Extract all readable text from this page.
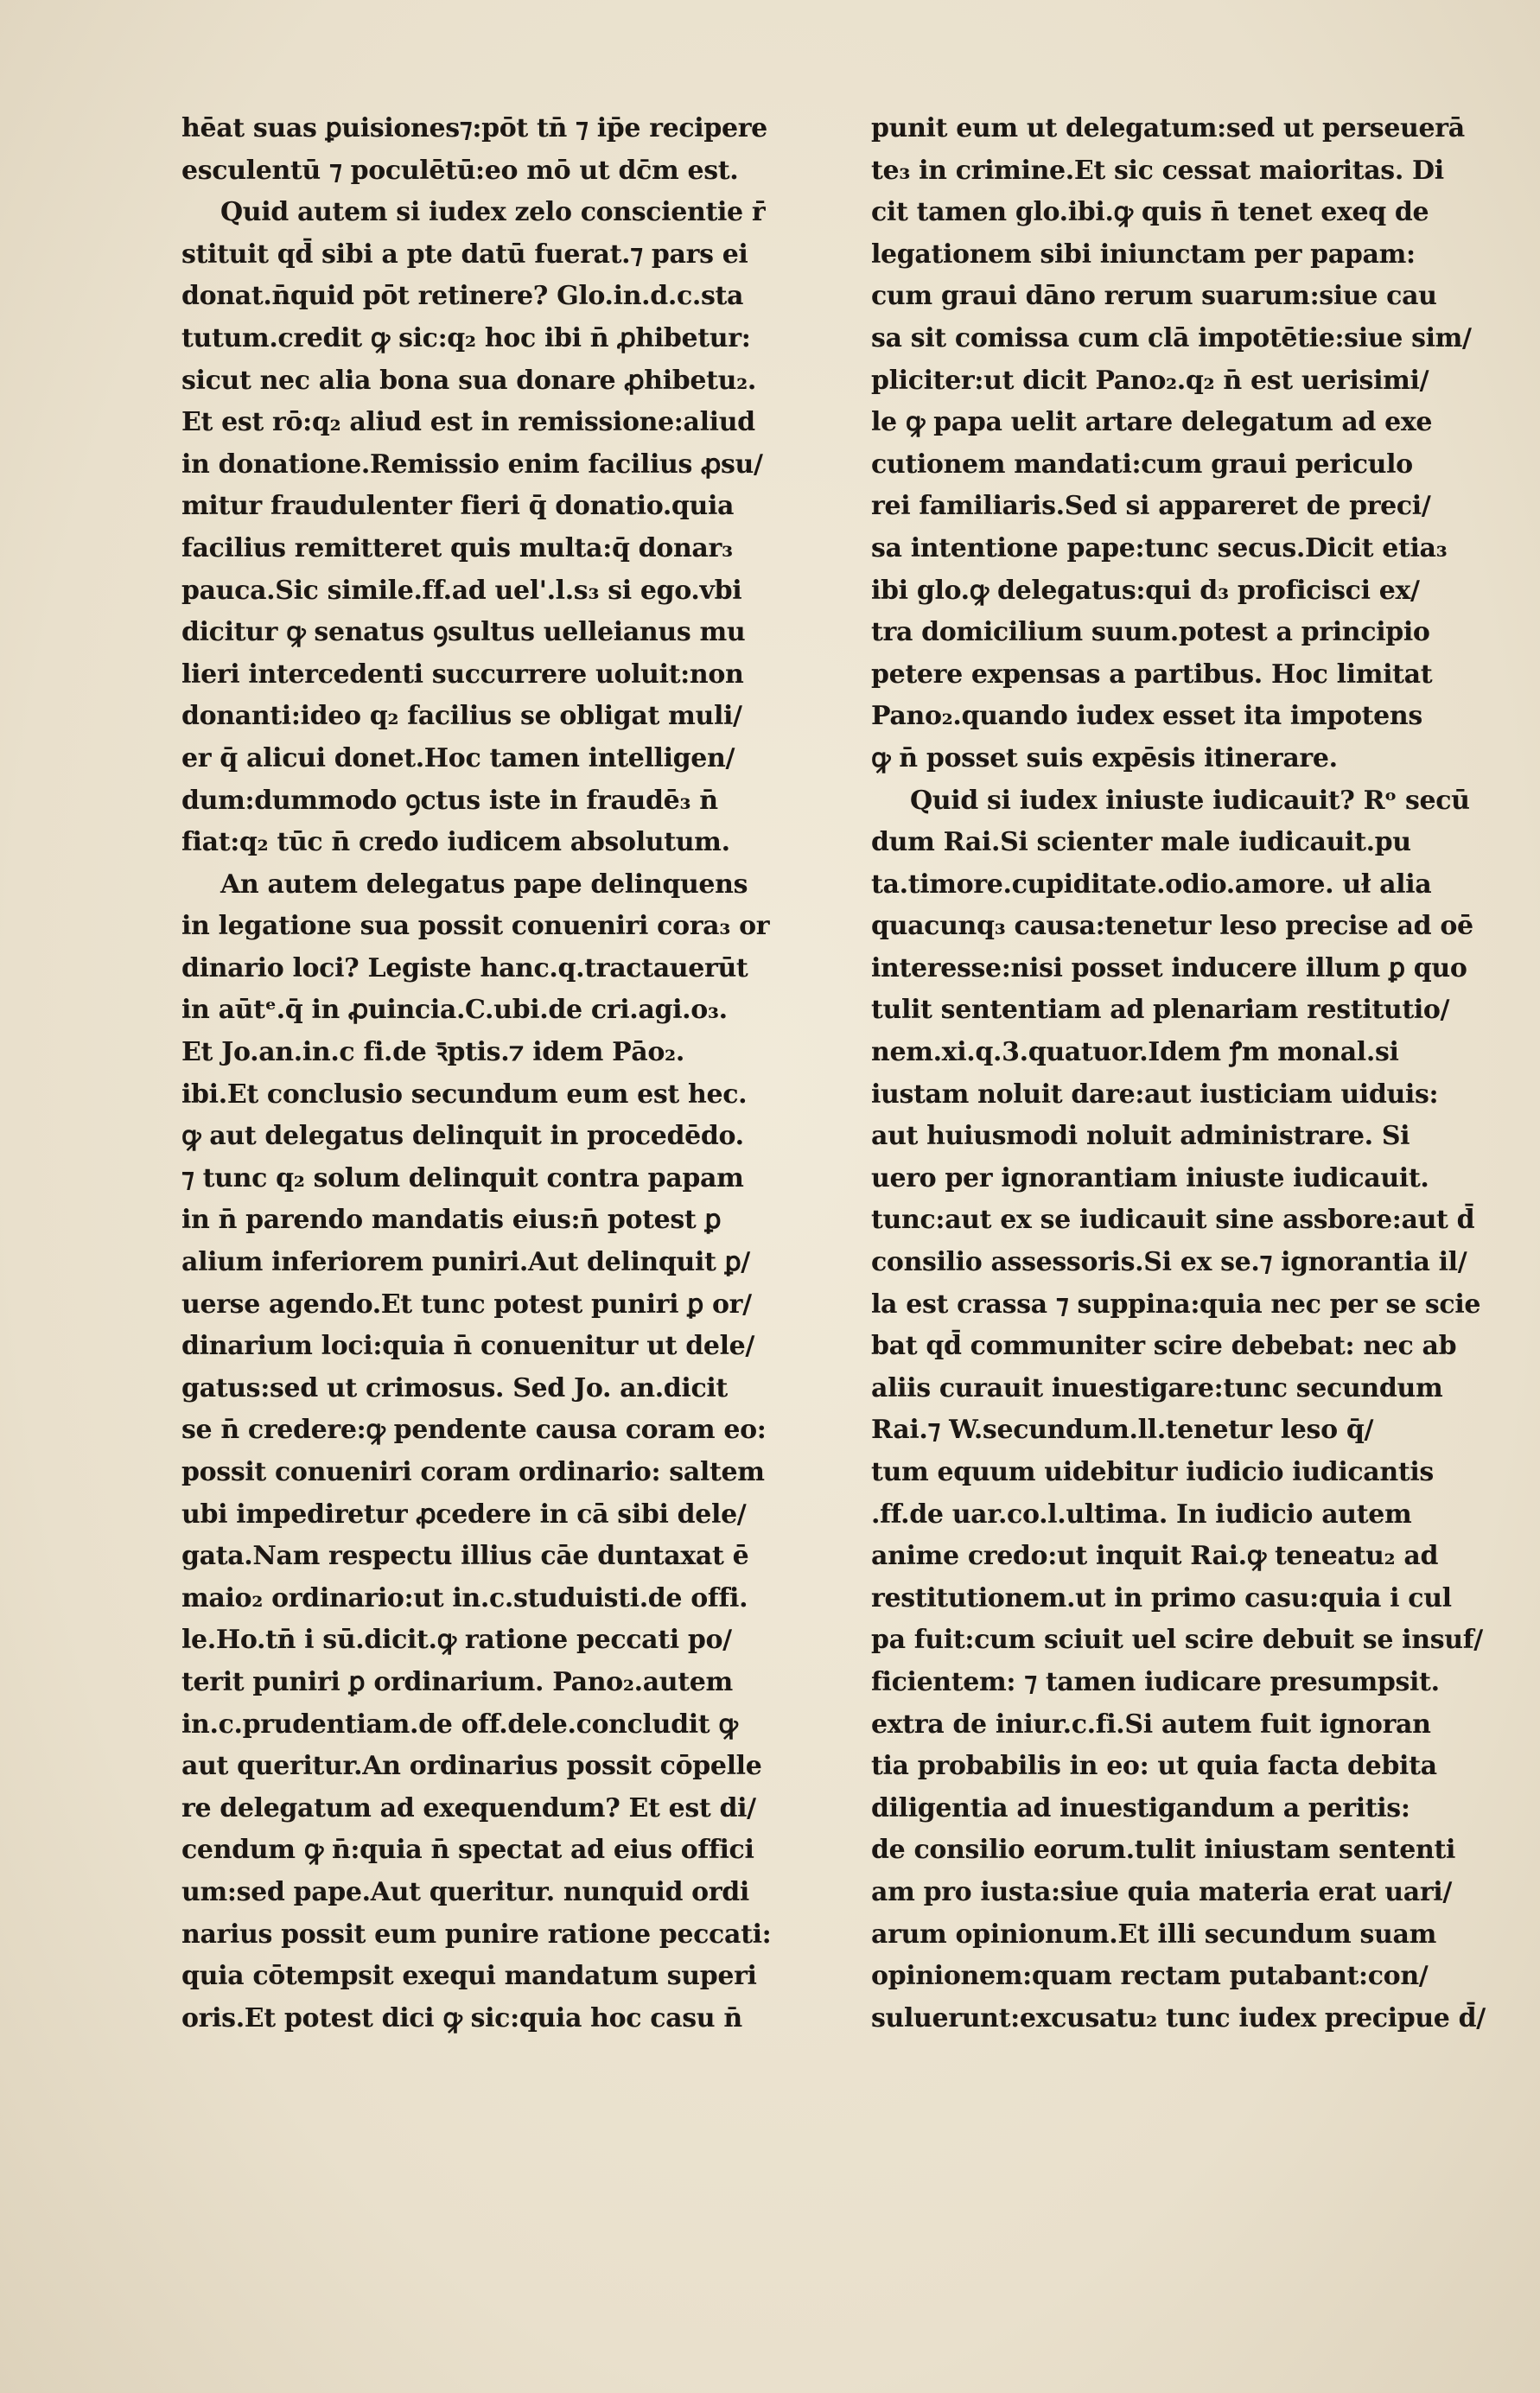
hēat suas ꝑuisiones⁊:pōt tn̄ ⁊ ip̄e recipere
esculentū ⁊ poculētū:eo mō ut dc̄m est.
Quid autem si iudex zelo conscientie r̄
stituit qd̄ sibi a pte datū fuerat.⁊ pars ei
donat.n̄quid pōt retinere? Glo.in.d.c.sta
tutum.credit ꝙ sic:q₂ hoc ibi n̄ ꝓhibetur:
sicut nec alia bona sua donare ꝓhibetu₂.
Et est rō:q₂ aliud est in remissione:aliud
in donatione.Remissio enim facilius ꝓsu/
mitur fraudulenter fieri q̄ donatio.quia
facilius remitteret quis multa:q̄ donar₃
pauca.Sic simile.ff.ad uel'.l.s₃ si ego.vbi
dicitur ꝙ senatus ꝯsultus uelleianus mu
lieri intercedenti succurrere uoluit:non
donanti:ideo q₂ facilius se obligat muli/
er q̄ alicui donet.Hoc tamen intelligen/
dum:dummodo ꝯctus iste in fraudē₃ n̄
fiat:q₂ tūc n̄ credo iudicem absolutum.
An autem delegatus pape delinquens
in legatione sua possit conueniri cora₃ or
dinario loci? Legiste hanc.q.tractauerūt
in aūtᵉ.q̄ in ꝓuincia.C.ubi.de cri.agi.o₃.
Et Jo.an.in.c fi.de ꝛ̄ptis.⁊ idem Pāo₂.
ibi.Et conclusio secundum eum est hec.
ꝙ aut delegatus delinquit in procedēdo.
⁊ tunc q₂ solum delinquit contra papam
in n̄ parendo mandatis eius:n̄ potest ꝑ
alium inferiorem puniri.Aut delinquit ꝑ/
uerse agendo.Et tunc potest puniri ꝑ or/
dinarium loci:quia n̄ conuenitur ut dele/
gatus:sed ut crimosus. Sed Jo. an.dicit
se n̄ credere:ꝙ pendente causa coram eo:
possit conueniri coram ordinario: saltem
ubi impediretur ꝓcedere in cā sibi dele/
gata.Nam respectu illius cāe duntaxat ē
maio₂ ordinario:ut in.c.studuisti.de offi.
le.Ho.tn̄ i sū.dicit.ꝙ ratione peccati po/
terit puniri ꝑ ordinarium. Pano₂.autem
in.c.prudentiam.de off.dele.concludit ꝙ
aut queritur.An ordinarius possit cōpelle
re delegatum ad exequendum? Et est di/
cendum ꝙ n̄:quia n̄ spectat ad eius offici
um:sed pape.Aut queritur. nunquid ordi
narius possit eum punire ratione peccati:
quia cōtempsit exequi mandatum superi
oris.Et potest dici ꝙ sic:quia hoc casu n̄
punit eum ut delegatum:sed ut perseuerā
te₃ in crimine.Et sic cessat maioritas. Di
cit tamen glo.ibi.ꝙ quis n̄ tenet exeq de
legationem sibi iniunctam per papam:
cum graui dāno rerum suarum:siue cau
sa sit comissa cum clā impotētie:siue sim/
pliciter:ut dicit Pano₂.q₂ n̄ est uerisimi/
le ꝙ papa uelit artare delegatum ad exe
cutionem mandati:cum graui periculo
rei familiaris.Sed si appareret de preci/
sa intentione pape:tunc secus.Dicit etia₃
ibi glo.ꝙ delegatus:qui d₃ proficisci ex/
tra domicilium suum.potest a principio
petere expensas a partibus. Hoc limitat
Pano₂.quando iudex esset ita impotens
ꝙ n̄ posset suis expēsis itinerare.
Quid si iudex iniuste iudicauit? Rᵒ secū
dum Rai.Si scienter male iudicauit.pu
ta.timore.cupiditate.odio.amore. uł alia
quacunq₃ causa:tenetur leso precise ad oē
interesse:nisi posset inducere illum ꝑ quo
tulit sententiam ad plenariam restitutio/
nem.xi.q.3.quatuor.Idem ꝭm monal.si
iustam noluit dare:aut iusticiam uiduis:
aut huiusmodi noluit administrare. Si
uero per ignorantiam iniuste iudicauit.
tunc:aut ex se iudicauit sine assbore:aut d̄
consilio assessoris.Si ex se.⁊ ignorantia il/
la est crassa ⁊ suppina:quia nec per se scie
bat qd̄ communiter scire debebat: nec ab
aliis curauit inuestigare:tunc secundum
Rai.⁊ W.secundum.ll.tenetur leso q̄/
tum equum uidebitur iudicio iudicantis
.ff.de uar.co.l.ultima. In iudicio autem
anime credo:ut inquit Rai.ꝙ teneatu₂ ad
restitutionem.ut in primo casu:quia i cul
pa fuit:cum sciuit uel scire debuit se insuf/
ficientem: ⁊ tamen iudicare presumpsit.
extra de iniur.c.fi.Si autem fuit ignoran
tia probabilis in eo: ut quia facta debita
diligentia ad inuestigandum a peritis:
de consilio eorum.tulit iniustam sententi
am pro iusta:siue quia materia erat uari/
arum opinionum.Et illi secundum suam
opinionem:quam rectam putabant:con/
suluerunt:excusatu₂ tunc iudex precipue d̄/
